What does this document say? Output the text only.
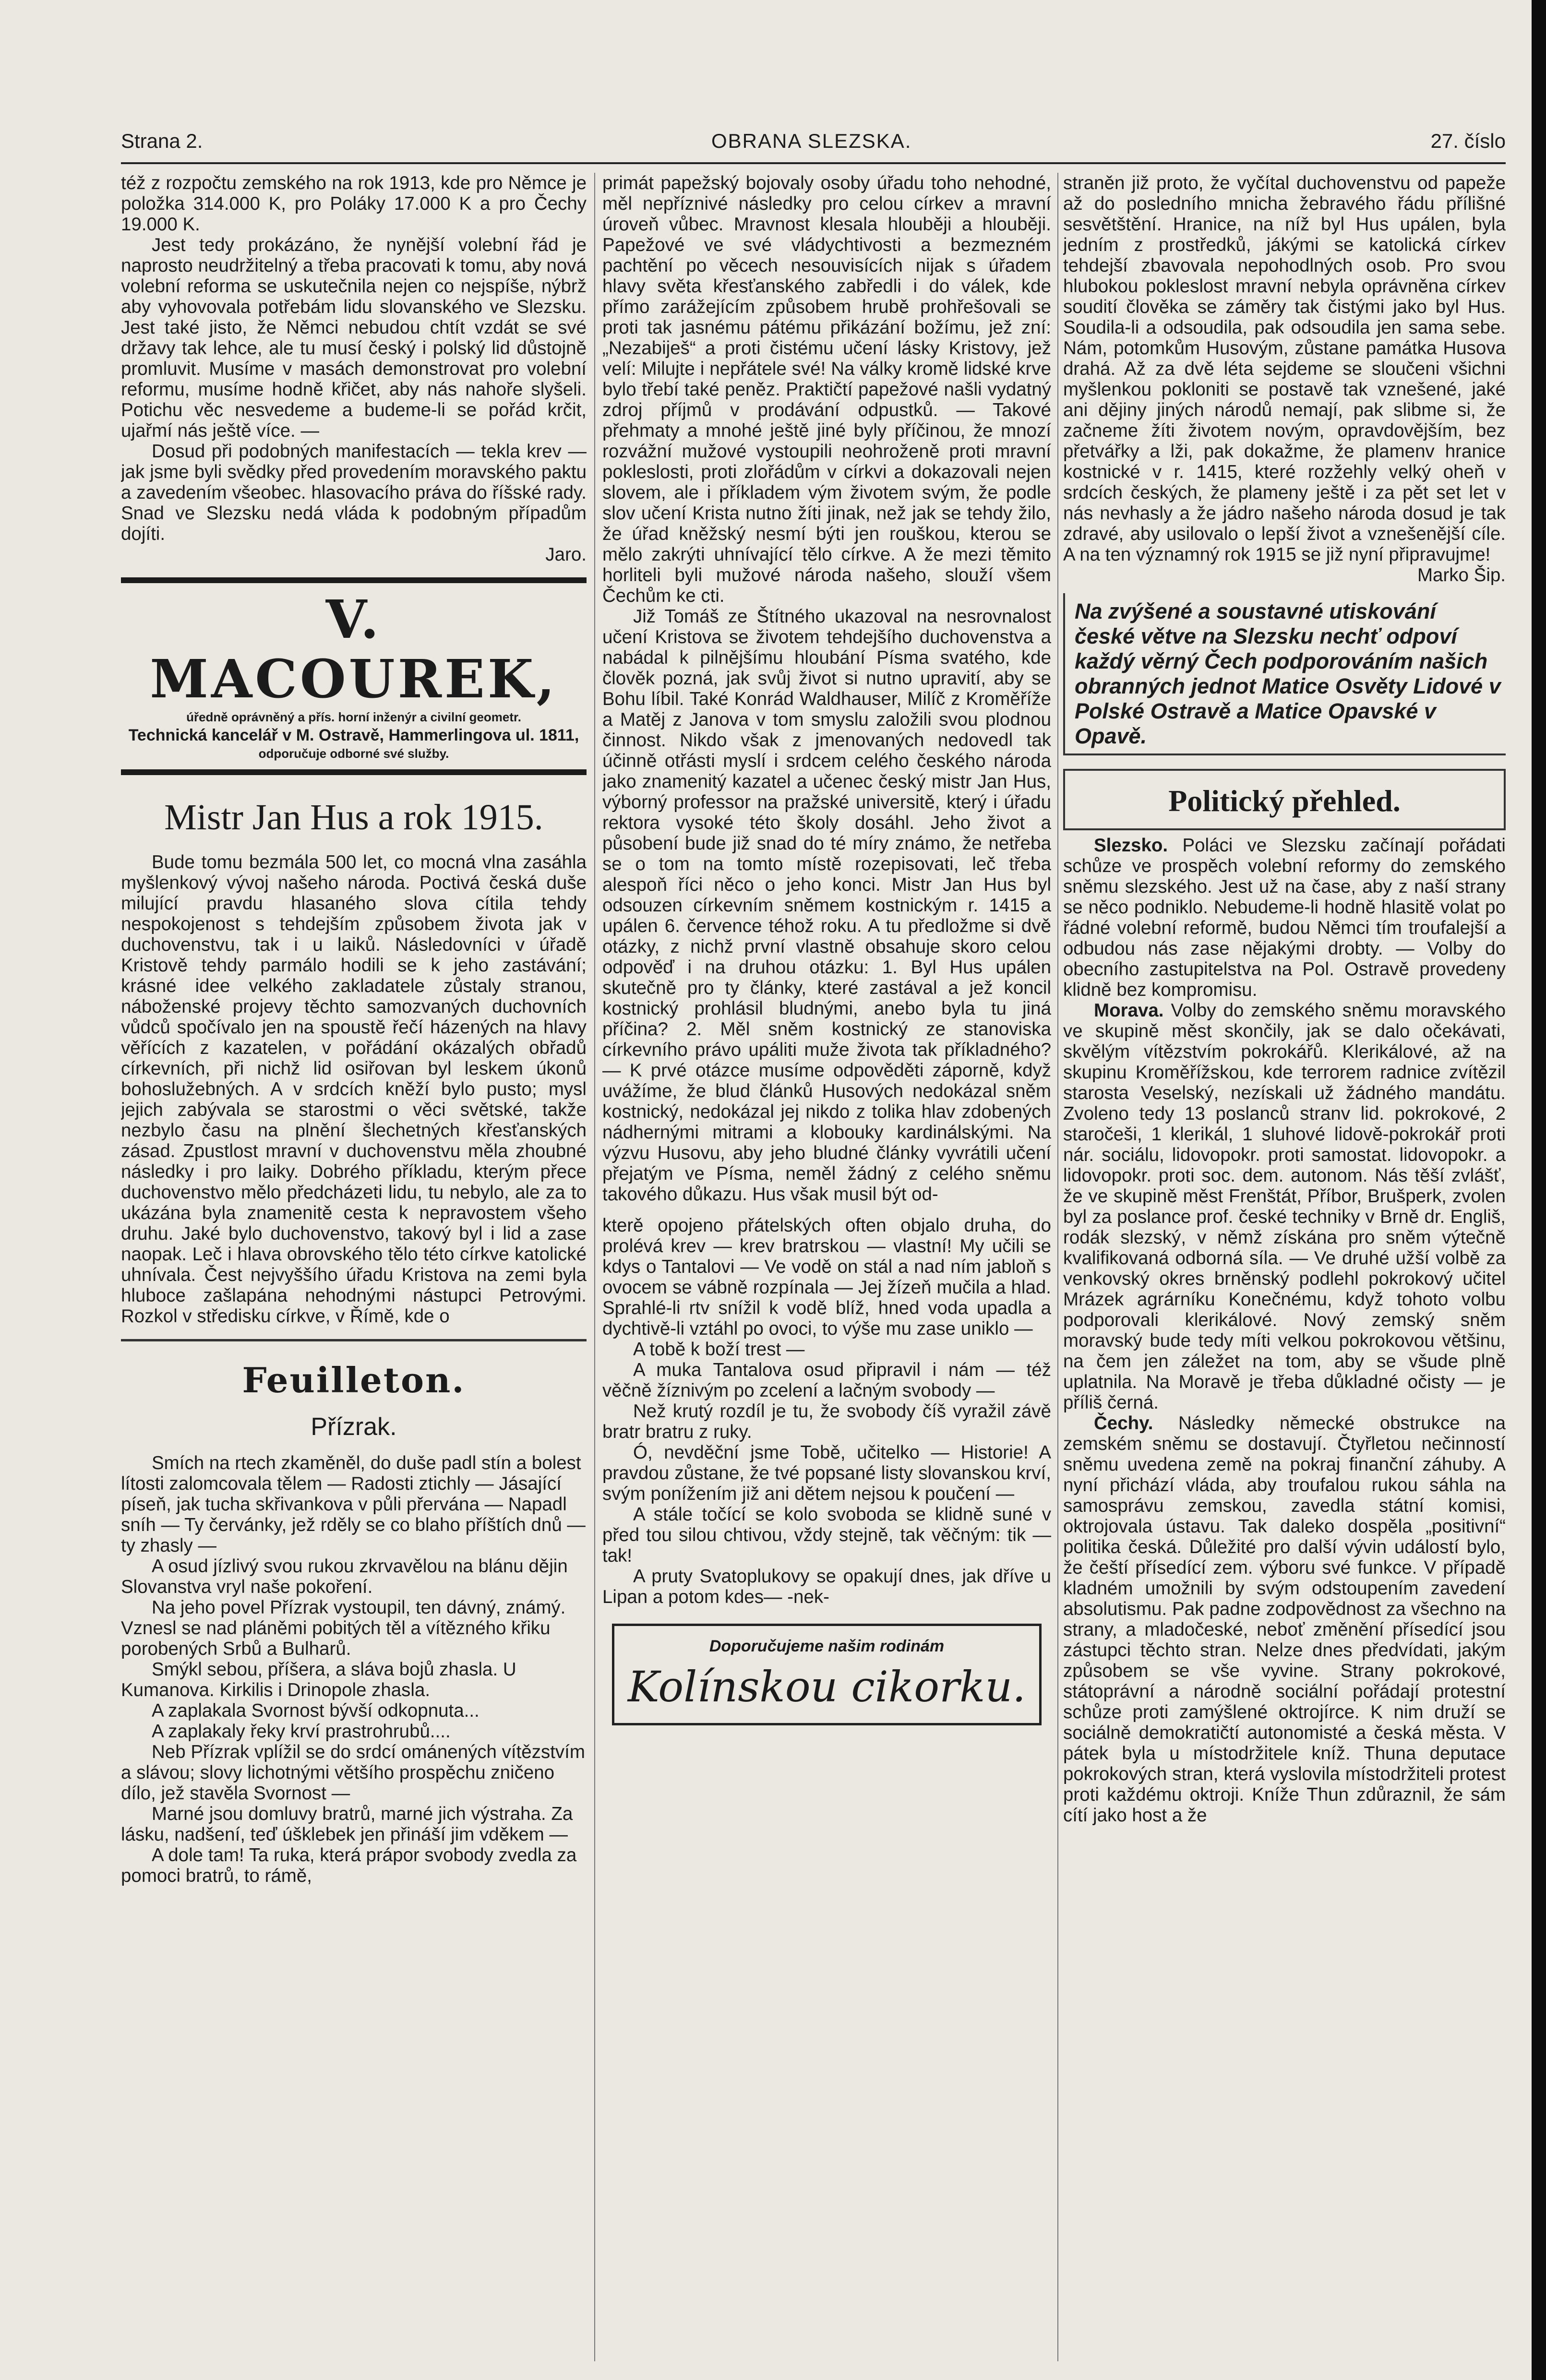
Strana 2.	OBRANA SLEZSKA.	27. číslo

též z rozpočtu zemského na rok 1913, kde pro Němce je položka 314.000 K, pro Poláky 17.000 K a pro Čechy 19.000 K.

Jest tedy prokázáno, že nynější volební řád je naprosto neudržitelný a třeba pracovati k tomu, aby nová volební reforma se uskutečnila nejen co nejspíše, nýbrž aby vyhovovala potřebám lidu slovanského ve Slezsku. Jest také jisto, že Němci nebudou chtít vzdát se své državy tak lehce, ale tu musí český i polský lid důstojně promluvit. Musíme v masách demonstrovat pro volební reformu, musíme hodně křičet, aby nás nahoře slyšeli. Potichu věc nesvedeme a budeme-li se pořád krčit, ujařmí nás ještě více. —

Dosud při podobných manifestacích — tekla krev — jak jsme byli svědky před provedením moravského paktu a zavedením všeobec. hlasovacího práva do říšské rady. Snad ve Slezsku nedá vláda k podobným případům dojíti.

Jaro.

V. MACOUREK,
úředně oprávněný a přís. horní inženýr a civilní geometr.
Technická kancelář v M. Ostravě, Hammerlingova ul. 1811,
odporučuje odborné své služby.
Mistr Jan Hus a rok 1915.

Bude tomu bezmála 500 let, co mocná vlna zasáhla myšlenkový vývoj našeho národa. Poctivá česká duše milující pravdu hlasaného slova cítila tehdy nespokojenost s tehdejším způsobem života jak v duchovenstvu, tak i u laiků. Následovníci v úřadě Kristově tehdy parmálo hodili se k jeho zastávání; krásné idee velkého zakladatele zůstaly stranou, náboženské projevy těchto samozvaných duchovních vůdců spočívalo jen na spoustě řečí házených na hlavy věřících z kazatelen, v pořádání okázalých obřadů církevních, při nichž lid osiřovan byl leskem úkonů bohoslužebných. A v srdcích kněží bylo pusto; mysl jejich zabývala se starostmi o věci světské, takže nezbylo času na plnění šlechetných křesťanských zásad. Zpustlost mravní v duchovenstvu měla zhoubné následky i pro laiky. Dobrého příkladu, kterým přece duchovenstvo mělo předcházeti lidu, tu nebylo, ale za to ukázána byla znamenitě cesta k nepravostem všeho druhu. Jaké bylo duchovenstvo, takový byl i lid a zase naopak. Leč i hlava obrovského tělo této církve katolické uhnívala. Čest nejvyššího úřadu Kristova na zemi byla hluboce zašlapána nehodnými nástupci Petrovými. Rozkol v středisku církve, v Římě, kde o

Feuilleton.
Přízrak.

Smích na rtech zkaměněl, do duše padl stín a bolest lítosti zalomcovala tělem — Radosti ztichly — Jásající píseň, jak tucha skřivankova v půli přervána — Napadl sníh — Ty červánky, jež rděly se co blaho příštích dnů — ty zhasly —

A osud jízlivý svou rukou zkrvavělou na blánu dějin Slovanstva vryl naše pokoření.

Na jeho povel Přízrak vystoupil, ten dávný, známý. Vznesl se nad pláněmi pobitých těl a vítězného křiku porobených Srbů a Bulharů.

Smýkl sebou, příšera, a sláva bojů zhasla. U Kumanova. Kirkilis i Drinopole zhasla.

A zaplakala Svornost bývší odkopnuta...

A zaplakaly řeky krví prastrohrubů....

Neb Přízrak vplížil se do srdcí ománených vítězstvím a slávou; slovy lichotnými většího prospěchu zničeno dílo, jež stavěla Svornost —

Marné jsou domluvy bratrů, marné jich výstraha. Za lásku, nadšení, teď úšklebek jen přináší jim vděkem —

A dole tam! Ta ruka, která prápor svobody zvedla za pomoci bratrů, to rámě,

primát papežský bojovaly osoby úřadu toho nehodné, měl nepříznivé následky pro celou církev a mravní úroveň vůbec. Mravnost klesala hlouběji a hlouběji. Papežové ve své vládychtivosti a bezmezném pachtění po věcech nesouvisících nijak s úřadem hlavy světa křesťanského zabředli i do válek, kde přímo zarážejícím způsobem hrubě prohřešovali se proti tak jasnému pátému přikázání božímu, jež zní: „Nezabiješ“ a proti čistému učení lásky Kristovy, jež velí: Milujte i nepřátele své! Na války kromě lidské krve bylo třebí také peněz. Praktičtí papežové našli vydatný zdroj příjmů v prodávání odpustků. — Takové přehmaty a mnohé ještě jiné byly příčinou, že mnozí rozvážní mužové vystoupili neohroženě proti mravní pokleslosti, proti zlořádům v církvi a dokazovali nejen slovem, ale i příkladem vým životem svým, že podle slov učení Krista nutno žíti jinak, než jak se tehdy žilo, že úřad kněžský nesmí býti jen rouškou, kterou se mělo zakrýti uhnívající tělo církve. A že mezi těmito horliteli byli mužové národa našeho, slouží všem Čechům ke cti.

Již Tomáš ze Štítného ukazoval na nesrovnalost učení Kristova se životem tehdejšího duchovenstva a nabádal k pilnějšímu hloubání Písma svatého, kde člověk pozná, jak svůj život si nutno upravití, aby se Bohu líbil. Také Konrád Waldhauser, Milíč z Kroměříže a Matěj z Janova v tom smyslu založili svou plodnou činnost. Nikdo však z jmenovaných nedovedl tak účinně otřásti myslí i srdcem celého českého národa jako znamenitý kazatel a učenec český mistr Jan Hus, výborný professor na pražské universitě, který i úřadu rektora vysoké této školy dosáhl. Jeho život a působení bude již snad do té míry známo, že netřeba se o tom na tomto místě rozepisovati, leč třeba alespoň říci něco o jeho konci. Mistr Jan Hus byl odsouzen církevním sněmem kostnickým r. 1415 a upálen 6. července téhož roku. A tu předložme si dvě otázky, z nichž první vlastně obsahuje skoro celou odpověď i na druhou otázku: 1. Byl Hus upálen skutečně pro ty články, které zastával a jež koncil kostnický prohlásil bludnými, anebo byla tu jiná příčina? 2. Měl sněm kostnický ze stanoviska církevního právo upáliti muže života tak příkladného? — K prvé otázce musíme odpověděti záporně, když uvážíme, že blud článků Husových nedokázal sněm kostnický, nedokázal jej nikdo z tolika hlav zdobených nádhernými mitrami a klobouky kardinálskými. Na výzvu Husovu, aby jeho bludné články vyvrátili učení přejatým ve Písma, neměl žádný z celého sněmu takového důkazu. Hus však musil být od-

kterě opojeno přátelských often objalo druha, do prolévá krev — krev bratrskou — vlastní! My učili se kdys o Tantalovi — Ve vodě on stál a nad ním jabloň s ovocem se vábně rozpínala — Jej žízeň mučila a hlad. Sprahlé-li rtv snížil k vodě blíž, hned voda upadla a dychtivě-li vztáhl po ovoci, to výše mu zase uniklo —

A tobě k boží trest —

A muka Tantalova osud připravil i nám — též věčně žíznivým po zcelení a lačným svobody —

Než krutý rozdíl je tu, že svobody číš vyražil závě bratr bratru z ruky.

Ó, nevděční jsme Tobě, učitelko — Historie! A pravdou zůstane, že tvé popsané listy slovanskou krví, svým ponížením již ani dětem nejsou k poučení —

A stále točící se kolo svoboda se klidně suné v před tou silou chtivou, vždy stejně, tak věčným: tik — tak!

A pruty Svatoplukovy se opakují dnes, jak dříve u Lipan a potom kdes— -nek-

Doporučujeme našim rodinám
Kolínskou cikorku.

straněn již proto, že vyčítal duchovenstvu od papeže až do posledního mnicha žebravého řádu přílišné sesvětštění. Hranice, na níž byl Hus upálen, byla jedním z prostředků, jákými se katolická církev tehdejší zbavovala nepohodlných osob. Pro svou hlubokou pokleslost mravní nebyla oprávněna církev soudití člověka se záměry tak čistými jako byl Hus. Soudila-li a odsoudila, pak odsoudila jen sama sebe. Nám, potomkům Husovým, zůstane památka Husova drahá. Až za dvě léta sejdeme se sloučeni všichni myšlenkou pokloniti se postavě tak vznešené, jaké ani dějiny jiných národů nemají, pak slibme si, že začneme žíti životem novým, opravdovějším, bez přetvářky a lži, pak dokažme, že plamenv hranice kostnické v r. 1415, které rozžehly velký oheň v srdcích českých, že plameny ještě i za pět set let v nás nevhasly a že jádro našeho národa dosud je tak zdravé, aby usilovalo o lepší život a vznešenější cíle. A na ten významný rok 1915 se již nyní připravujme!

Marko Šip.

Na zvýšené a soustavné utiskování české větve na Slezsku nechť odpoví každý věrný Čech podporováním našich obranných jednot Matice Osvěty Lidové v Polské Ostravě a Matice Opavské v Opavě.
Politický přehled.

Slezsko. Poláci ve Slezsku začínají pořádati schůze ve prospěch volební reformy do zemského sněmu slezského. Jest už na čase, aby z naší strany se něco podniklo. Nebudeme-li hodně hlasitě volat po řádné volební reformě, budou Němci tím troufalejší a odbudou nás zase nějakými drobty. — Volby do obecního zastupitelstva na Pol. Ostravě provedeny klidně bez kompromisu.

Morava. Volby do zemského sněmu moravského ve skupině měst skončily, jak se dalo očekávati, skvělým vítězstvím pokrokářů. Klerikálové, až na skupinu Kroměřížskou, kde terrorem radnice zvítězil starosta Veselský, nezískali už žádného mandátu. Zvoleno tedy 13 poslanců stranv lid. pokrokové, 2 staročeši, 1 klerikál, 1 sluhové lidově-pokrokář proti nár. sociálu, lidovopokr. proti samostat. lidovopokr. a lidovopokr. proti soc. dem. autonom. Nás těší zvlášť, že ve skupině měst Frenštát, Příbor, Brušperk, zvolen byl za poslance prof. české techniky v Brně dr. Engliš, rodák slezský, v němž získána pro sněm výtečně kvalifikovaná odborná síla. — Ve druhé užší volbě za venkovský okres brněnský podlehl pokrokový učitel Mrázek agrárníku Konečnému, když tohoto volbu podporovali klerikálové. Nový zemský sněm moravský bude tedy míti velkou pokrokovou většinu, na čem jen záležet na tom, aby se všude plně uplatnila. Na Moravě je třeba důkladné očisty — je příliš černá.

Čechy. Následky německé obstrukce na zemském sněmu se dostavují. Čtyřletou nečinností sněmu uvedena země na pokraj finanční záhuby. A nyní přichází vláda, aby troufalou rukou sáhla na samosprávu zemskou, zavedla státní komisi, oktrojovala ústavu. Tak daleko dospěla „positivní“ politika česká. Důležité pro další vývin událostí bylo, že čeští přísedící zem. výboru své funkce. V případě kladném umožnili by svým odstoupením zavedení absolutismu. Pak padne zodpovědnost za všechno na strany, a mladočeské, neboť změnění přísedící jsou zástupci těchto stran. Nelze dnes předvídati, jakým způsobem se vše vyvine. Strany pokrokové, státoprávní a národně sociální pořádají protestní schůze proti zamýšlené oktrojírce. K nim druží se sociálně demokratičtí autonomisté a česká města. V pátek byla u místodržitele kníž. Thuna deputace pokrokových stran, která vyslovila místodržiteli protest proti každému oktroji. Kníže Thun zdůraznil, že sám cítí jako host a že
